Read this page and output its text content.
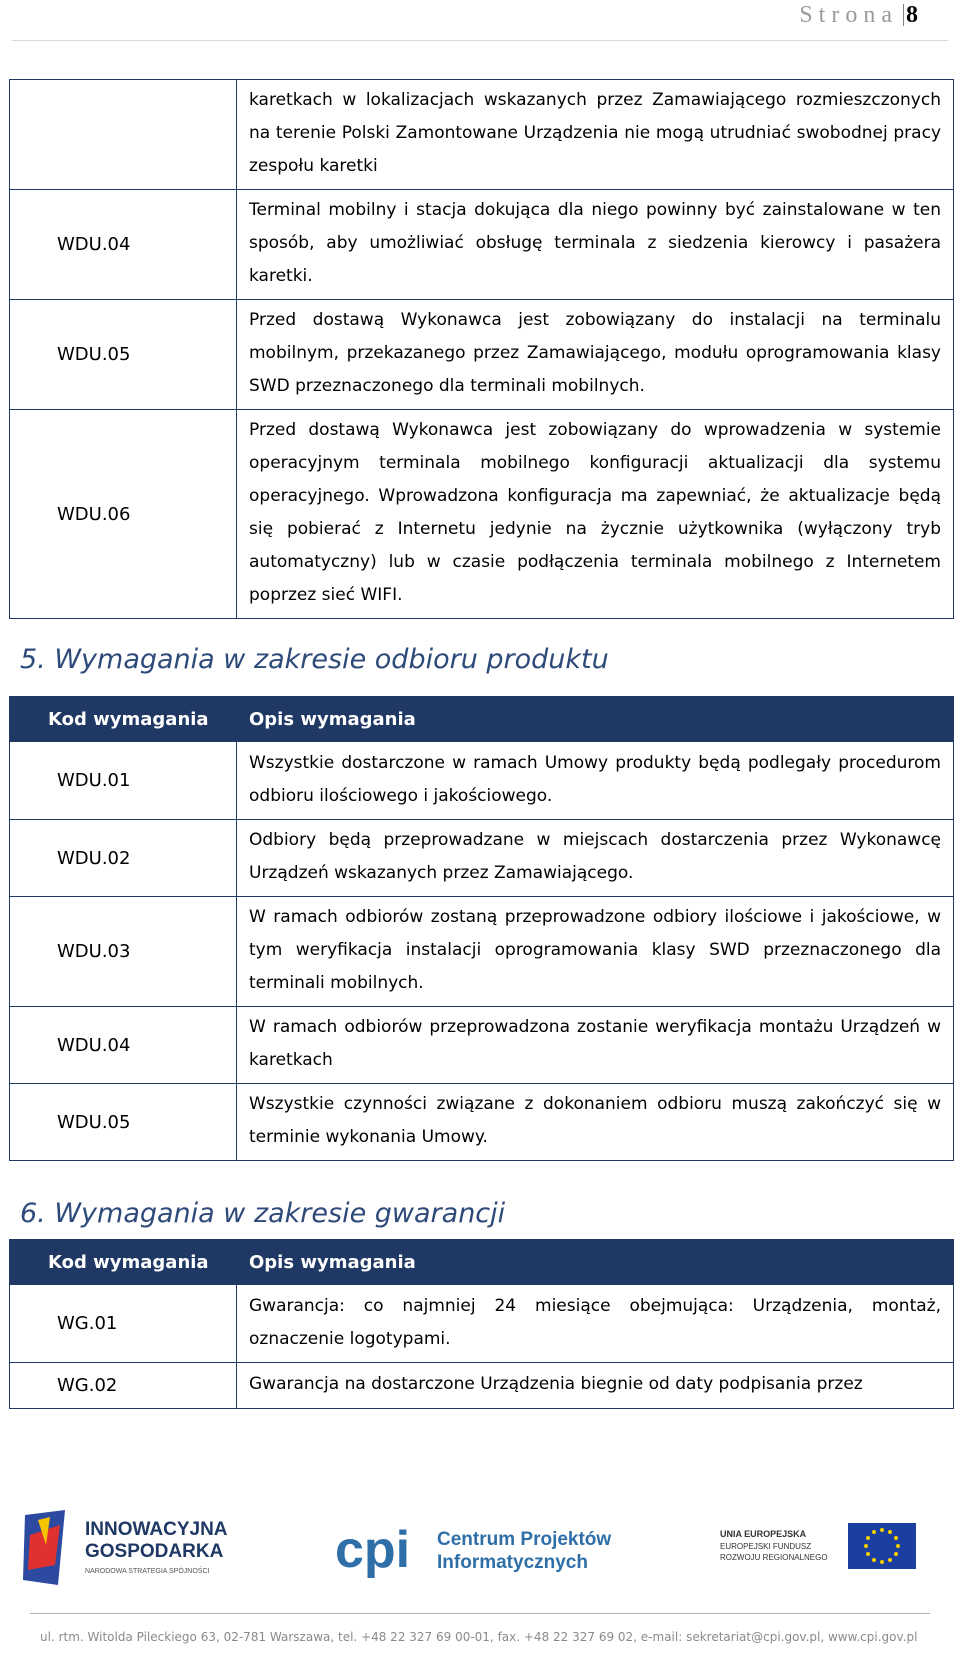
Strona 8
	karetkach w lokalizacjach wskazanych przez Zamawiającego rozmieszczonych na terenie Polski Zamontowane Urządzenia nie mogą utrudniać swobodnej pracy zespołu karetki
WDU.04	Terminal mobilny i stacja dokująca dla niego powinny być zainstalowane w ten sposób, aby umożliwiać obsługę terminala z siedzenia kierowcy i pasażera karetki.
WDU.05	Przed dostawą Wykonawca jest zobowiązany do instalacji na terminalu mobilnym, przekazanego przez Zamawiającego, modułu oprogramowania klasy SWD przeznaczonego dla terminali mobilnych.
WDU.06	Przed dostawą Wykonawca jest zobowiązany do wprowadzenia w systemie operacyjnym terminala mobilnego konfiguracji aktualizacji dla systemu operacyjnego. Wprowadzona konfiguracja ma zapewniać, że aktualizacje będą się pobierać z Internetu jedynie na życznie użytkownika (wyłączony tryb automatyczny) lub w czasie podłączenia terminala mobilnego z Internetem poprzez sieć WIFI.
5. Wymagania w zakresie odbioru produktu
Kod wymagania	Opis wymagania
WDU.01	Wszystkie dostarczone w ramach Umowy produkty będą podlegały procedurom odbioru ilościowego i jakościowego.
WDU.02	Odbiory będą przeprowadzane w miejscach dostarczenia przez Wykonawcę Urządzeń wskazanych przez Zamawiającego.
WDU.03	W ramach odbiorów zostaną przeprowadzone odbiory ilościowe i jakościowe, w tym weryfikacja instalacji oprogramowania klasy SWD przeznaczonego dla terminali mobilnych.
WDU.04	W ramach odbiorów przeprowadzona zostanie weryfikacja montażu Urządzeń w karetkach
WDU.05	Wszystkie czynności związane z dokonaniem odbioru muszą zakończyć się w terminie wykonania Umowy.
6. Wymagania w zakresie gwarancji
Kod wymagania	Opis wymagania
WG.01	Gwarancja: co najmniej 24 miesiące obejmująca: Urządzenia, montaż, oznaczenie logotypami.
WG.02	Gwarancja na dostarczone Urządzenia biegnie od daty podpisania przez
INNOWACYJNA
GOSPODARKA
NARODOWA STRATEGIA SPÓJNOŚCI cpi Centrum Projektów
Informatycznych
UNIA EUROPEJSKA
EUROPEJSKI FUNDUSZ
ROZWOJU REGIONALNEGO
ul. rtm. Witolda Pileckiego 63, 02-781 Warszawa, tel. +48 22 327 69 00-01, fax. +48 22 327 69 02, e-mail: sekretariat@cpi.gov.pl, www.cpi.gov.pl
